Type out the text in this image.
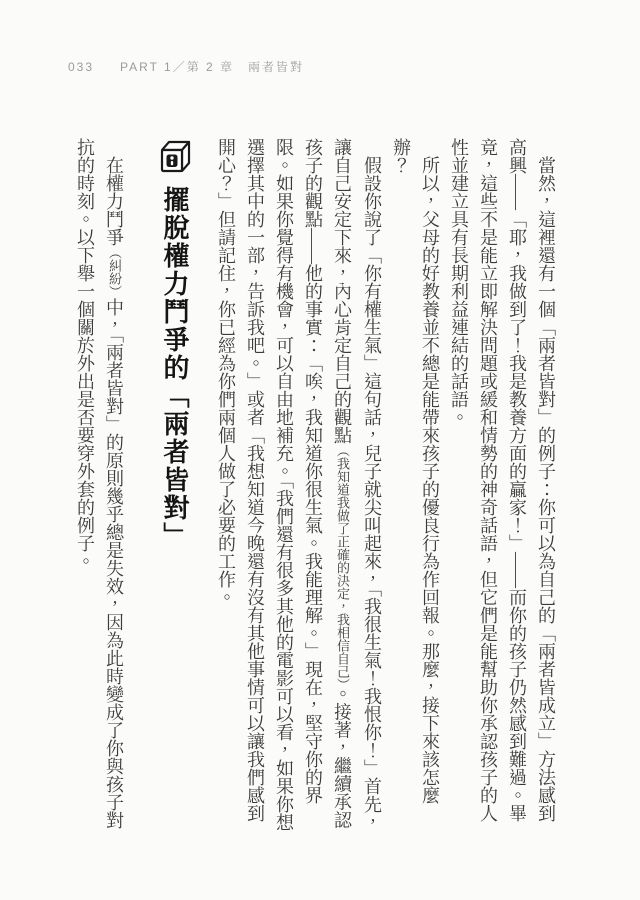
033 PART 1／第 2 章　兩者皆對

當然，這裡還有一個「兩者皆對」的例子：你可以為自己的「兩者皆成立」方法感到高興——「耶，我做到了！我是教養方面的贏家！」——而你的孩子仍然感到難過。畢竟，這些不是能立即解決問題或緩和情勢的神奇話語，但它們是能幫助你承認孩子的人性並建立具有長期利益連結的話語。

所以，父母的好教養並不總是能帶來孩子的優良行為作回報。那麼，接下來該怎麼辦？

假設你說了「你有權生氣」這句話，兒子就尖叫起來，「我很生氣！我恨你！」首先，讓自己安定下來，內心肯定自己的觀點（我知道我做了正確的決定，我相信自己）。接著，繼續承認孩子的觀點——他的事實：「唉，我知道你很生氣。我能理解。」現在，堅守你的界限。如果你覺得有機會，可以自由地補充。「我們還有很多其他的電影可以看，如果你想選擇其中的一部，告訴我吧。」或者「我想知道今晚還有沒有其他事情可以讓我們感到開心？」但請記住，你已經為你們兩個人做了必要的工作。

擺脫權力鬥爭的「兩者皆對」

在權力鬥爭（糾紛）中，「兩者皆對」的原則幾乎總是失效，因為此時變成了你與孩子對抗的時刻。以下舉一個關於外出是否要穿外套的例子。
